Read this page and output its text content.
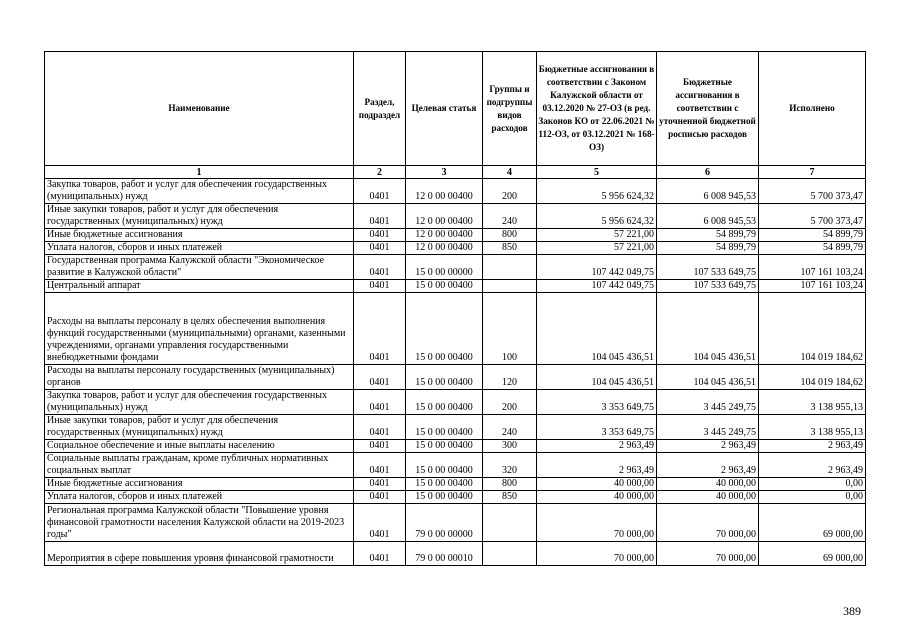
Наименование	Раздел, подраздел	Целевая статья	Группы и подгруппы видов расходов	Бюджетные ассигнования в соответствии с Законом Калужской области от 03.12.2020 № 27-ОЗ (в ред. Законов КО от 22.06.2021 № 112-ОЗ, от 03.12.2021 № 168-ОЗ)	Бюджетные ассигнования в соответствии с уточненной бюджетной росписью расходов	Исполнено
1	2	3	4	5	6	7
Закупка товаров, работ и услуг для обеспечения государственных (муниципальных) нужд	0401	12 0 00 00400	200	5 956 624,32	6 008 945,53	5 700 373,47
Иные закупки товаров, работ и услуг для обеспечения государственных (муниципальных) нужд	0401	12 0 00 00400	240	5 956 624,32	6 008 945,53	5 700 373,47
Иные бюджетные ассигнования	0401	12 0 00 00400	800	57 221,00	54 899,79	54 899,79
Уплата налогов, сборов и иных платежей	0401	12 0 00 00400	850	57 221,00	54 899,79	54 899,79
Государственная программа Калужской области "Экономическое развитие в Калужской области"	0401	15 0 00 00000		107 442 049,75	107 533 649,75	107 161 103,24
Центральный аппарат	0401	15 0 00 00400		107 442 049,75	107 533 649,75	107 161 103,24
Расходы на выплаты персоналу в целях обеспечения выполнения функций государственными (муниципальными) органами, казенными учреждениями, органами управления государственными внебюджетными фондами	0401	15 0 00 00400	100	104 045 436,51	104 045 436,51	104 019 184,62
Расходы на выплаты персоналу государственных (муниципальных) органов	0401	15 0 00 00400	120	104 045 436,51	104 045 436,51	104 019 184,62
Закупка товаров, работ и услуг для обеспечения государственных (муниципальных) нужд	0401	15 0 00 00400	200	3 353 649,75	3 445 249,75	3 138 955,13
Иные закупки товаров, работ и услуг для обеспечения государственных (муниципальных) нужд	0401	15 0 00 00400	240	3 353 649,75	3 445 249,75	3 138 955,13
Социальное обеспечение и иные выплаты населению	0401	15 0 00 00400	300	2 963,49	2 963,49	2 963,49
Социальные выплаты гражданам, кроме публичных нормативных социальных выплат	0401	15 0 00 00400	320	2 963,49	2 963,49	2 963,49
Иные бюджетные ассигнования	0401	15 0 00 00400	800	40 000,00	40 000,00	0,00
Уплата налогов, сборов и иных платежей	0401	15 0 00 00400	850	40 000,00	40 000,00	0,00
Региональная программа Калужской области "Повышение уровня финансовой грамотности населения Калужской области на 2019-2023 годы"	0401	79 0 00 00000		70 000,00	70 000,00	69 000,00
Мероприятия в сфере повышения уровня финансовой грамотности	0401	79 0 00 00010		70 000,00	70 000,00	69 000,00
389
